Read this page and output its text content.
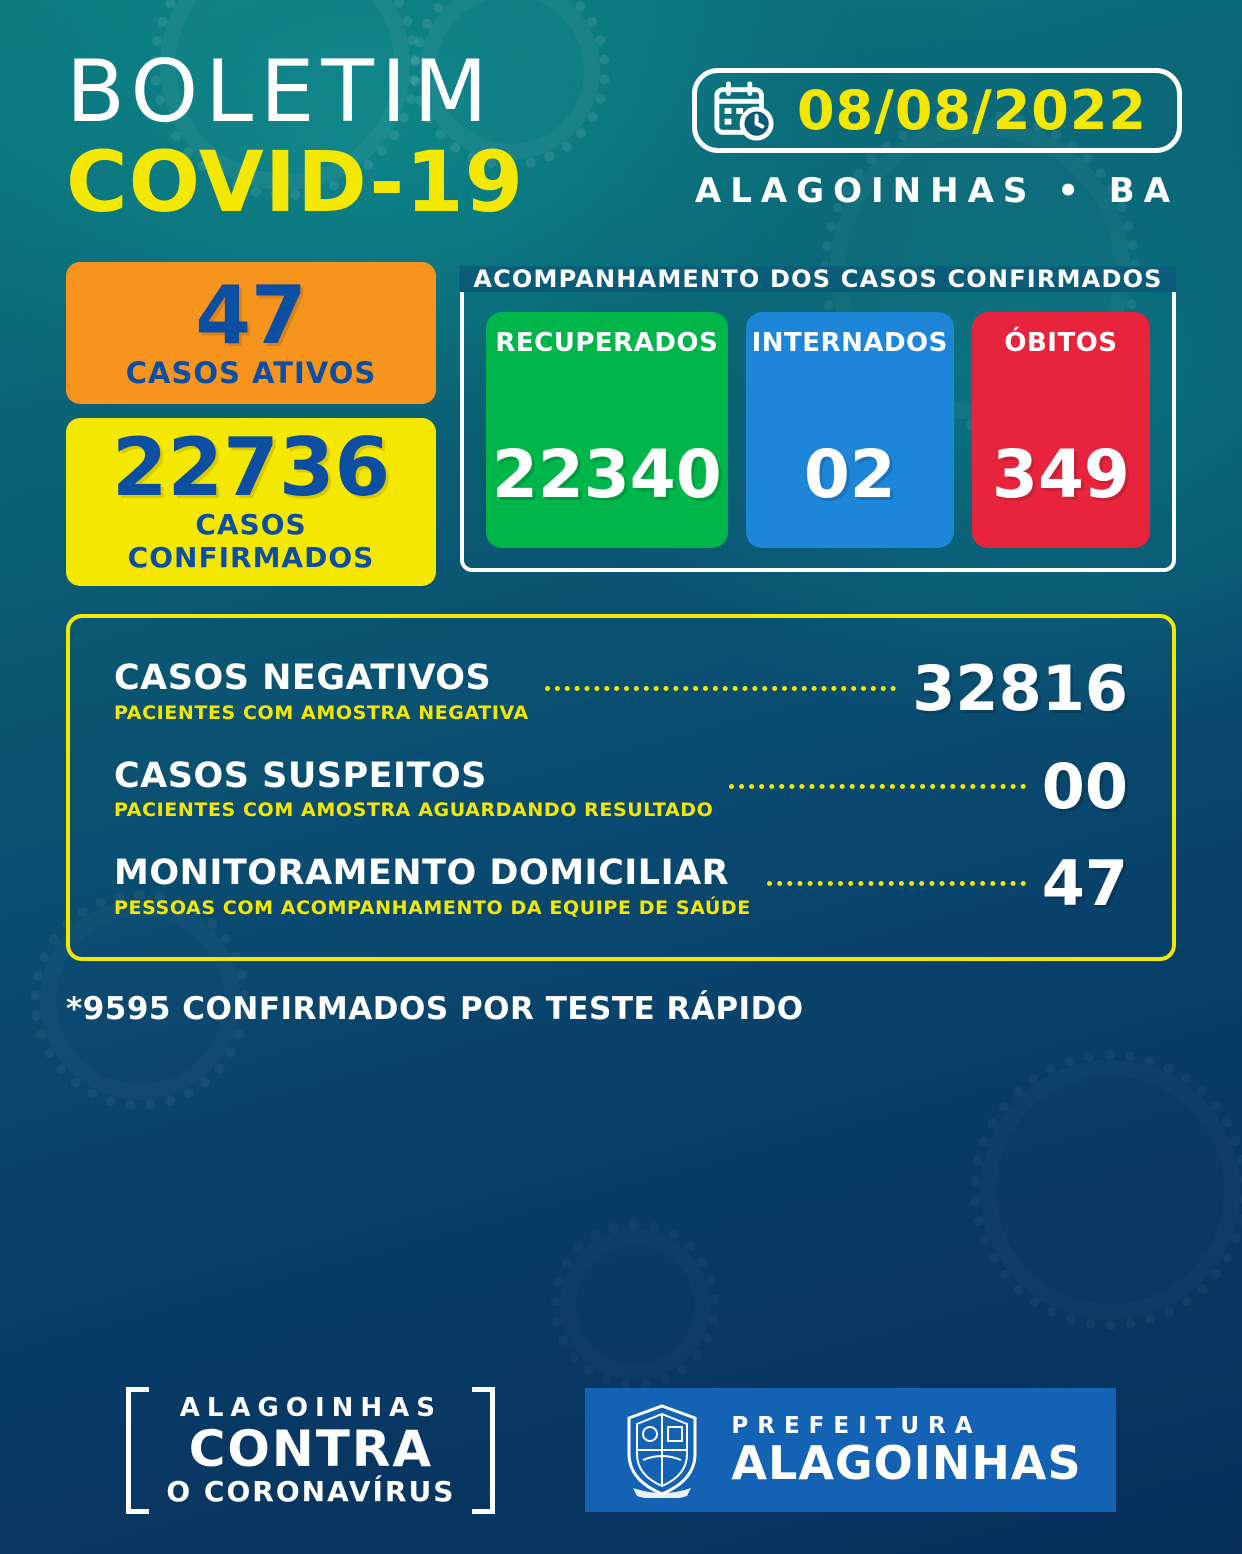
BOLETIM
COVID-19
08/08/2022
ALAGOINHAS • BA
47
CASOS ATIVOS
22736
CASOS CONFIRMADOS
ACOMPANHAMENTO DOS CASOS CONFIRMADOS
RECUPERADOS
22340
INTERNADOS
02
ÓBITOS
349
CASOS NEGATIVOS
PACIENTES COM AMOSTRA NEGATIVA	32816
CASOS SUSPEITOS
PACIENTES COM AMOSTRA AGUARDANDO RESULTADO	00
MONITORAMENTO DOMICILIAR
PESSOAS COM ACOMPANHAMENTO DA EQUIPE DE SAÚDE	47
*9595 CONFIRMADOS POR TESTE RÁPIDO
ALAGOINHAS
CONTRA
O CORONAVÍRUS
PREFEITURA
ALAGOINHAS
